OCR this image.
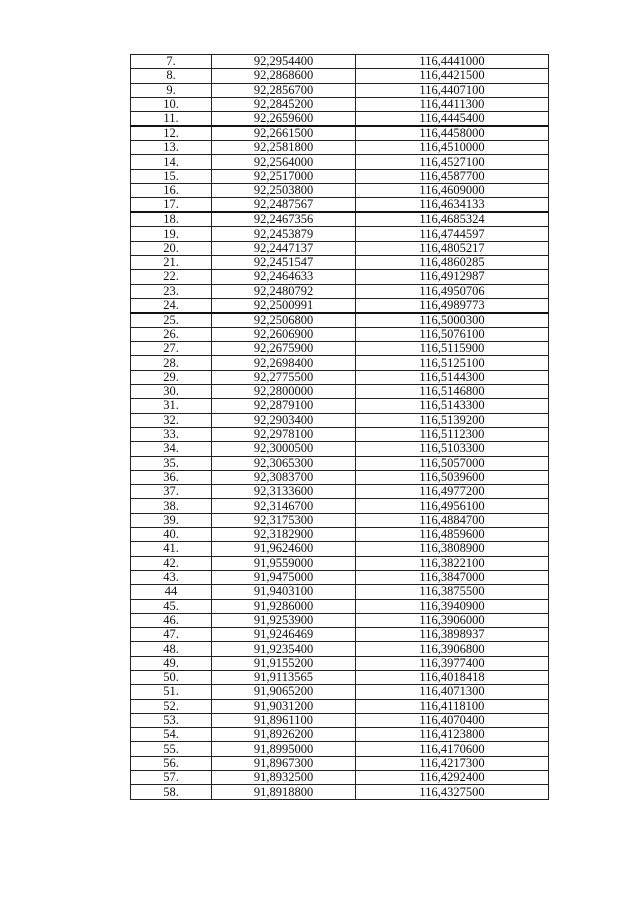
7.	92,2954400	116,4441000
8.	92,2868600	116,4421500
9.	92,2856700	116,4407100
10.	92,2845200	116,4411300
11.	92,2659600	116,4445400
12.	92,2661500	116,4458000
13.	92,2581800	116,4510000
14.	92,2564000	116,4527100
15.	92,2517000	116,4587700
16.	92,2503800	116,4609000
17.	92,2487567	116,4634133
18.	92,2467356	116,4685324
19.	92,2453879	116,4744597
20.	92,2447137	116,4805217
21.	92,2451547	116,4860285
22.	92,2464633	116,4912987
23.	92,2480792	116,4950706
24.	92,2500991	116,4989773
25.	92,2506800	116,5000300
26.	92,2606900	116,5076100
27.	92,2675900	116,5115900
28.	92,2698400	116,5125100
29.	92,2775500	116,5144300
30.	92,2800000	116,5146800
31.	92,2879100	116,5143300
32.	92,2903400	116,5139200
33.	92,2978100	116,5112300
34.	92,3000500	116,5103300
35.	92,3065300	116,5057000
36.	92,3083700	116,5039600
37.	92,3133600	116,4977200
38.	92,3146700	116,4956100
39.	92,3175300	116,4884700
40.	92,3182900	116,4859600
41.	91,9624600	116,3808900
42.	91,9559000	116,3822100
43.	91,9475000	116,3847000
44	91,9403100	116,3875500
45.	91,9286000	116,3940900
46.	91,9253900	116,3906000
47.	91,9246469	116,3898937
48.	91,9235400	116,3906800
49.	91,9155200	116,3977400
50.	91,9113565	116,4018418
51.	91,9065200	116,4071300
52.	91,9031200	116,4118100
53.	91,8961100	116,4070400
54.	91,8926200	116,4123800
55.	91,8995000	116,4170600
56.	91,8967300	116,4217300
57.	91,8932500	116,4292400
58.	91,8918800	116,4327500
